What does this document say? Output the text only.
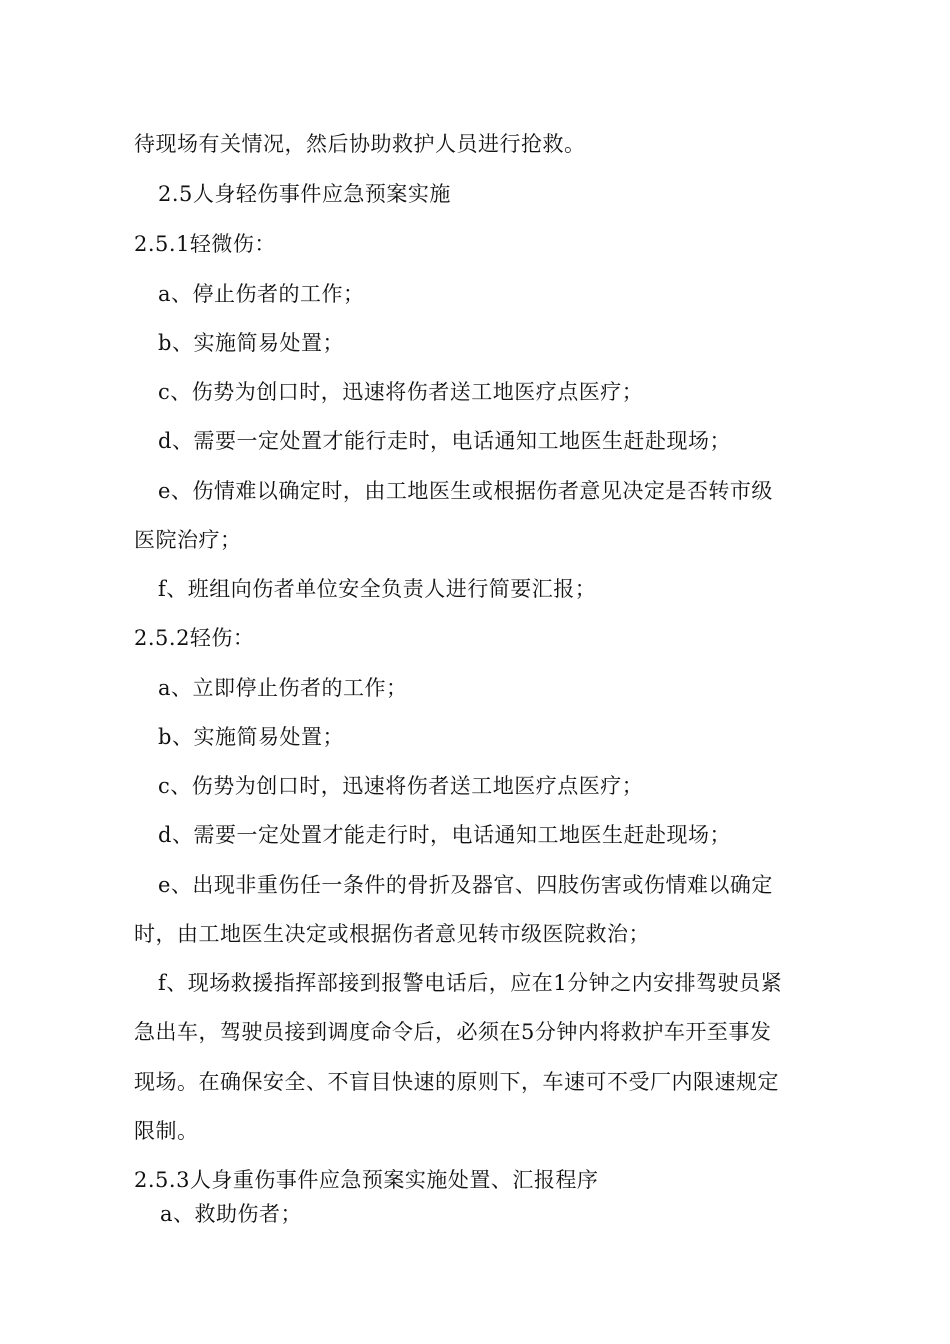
待现场有关情况，然后协助救护人员进行抢救。
2.5人身轻伤事件应急预案实施
2.5.1轻微伤：
a、停止伤者的工作；
b、实施简易处置；
c、伤势为创口时，迅速将伤者送工地医疗点医疗；
d、需要一定处置才能行走时，电话通知工地医生赶赴现场；
e、伤情难以确定时，由工地医生或根据伤者意见决定是否转市级
医院治疗；
f、班组向伤者单位安全负责人进行简要汇报；
2.5.2轻伤：
a、立即停止伤者的工作；
b、实施简易处置；
c、伤势为创口时，迅速将伤者送工地医疗点医疗；
d、需要一定处置才能走行时，电话通知工地医生赶赴现场；
e、出现非重伤任一条件的骨折及器官、四肢伤害或伤情难以确定
时，由工地医生决定或根据伤者意见转市级医院救治；
f、现场救援指挥部接到报警电话后，应在1分钟之内安排驾驶员紧
急出车，驾驶员接到调度命令后，必须在5分钟内将救护车开至事发
现场。在确保安全、不盲目快速的原则下，车速可不受厂内限速规定
限制。
2.5.3人身重伤事件应急预案实施处置、汇报程序
a、救助伤者；
